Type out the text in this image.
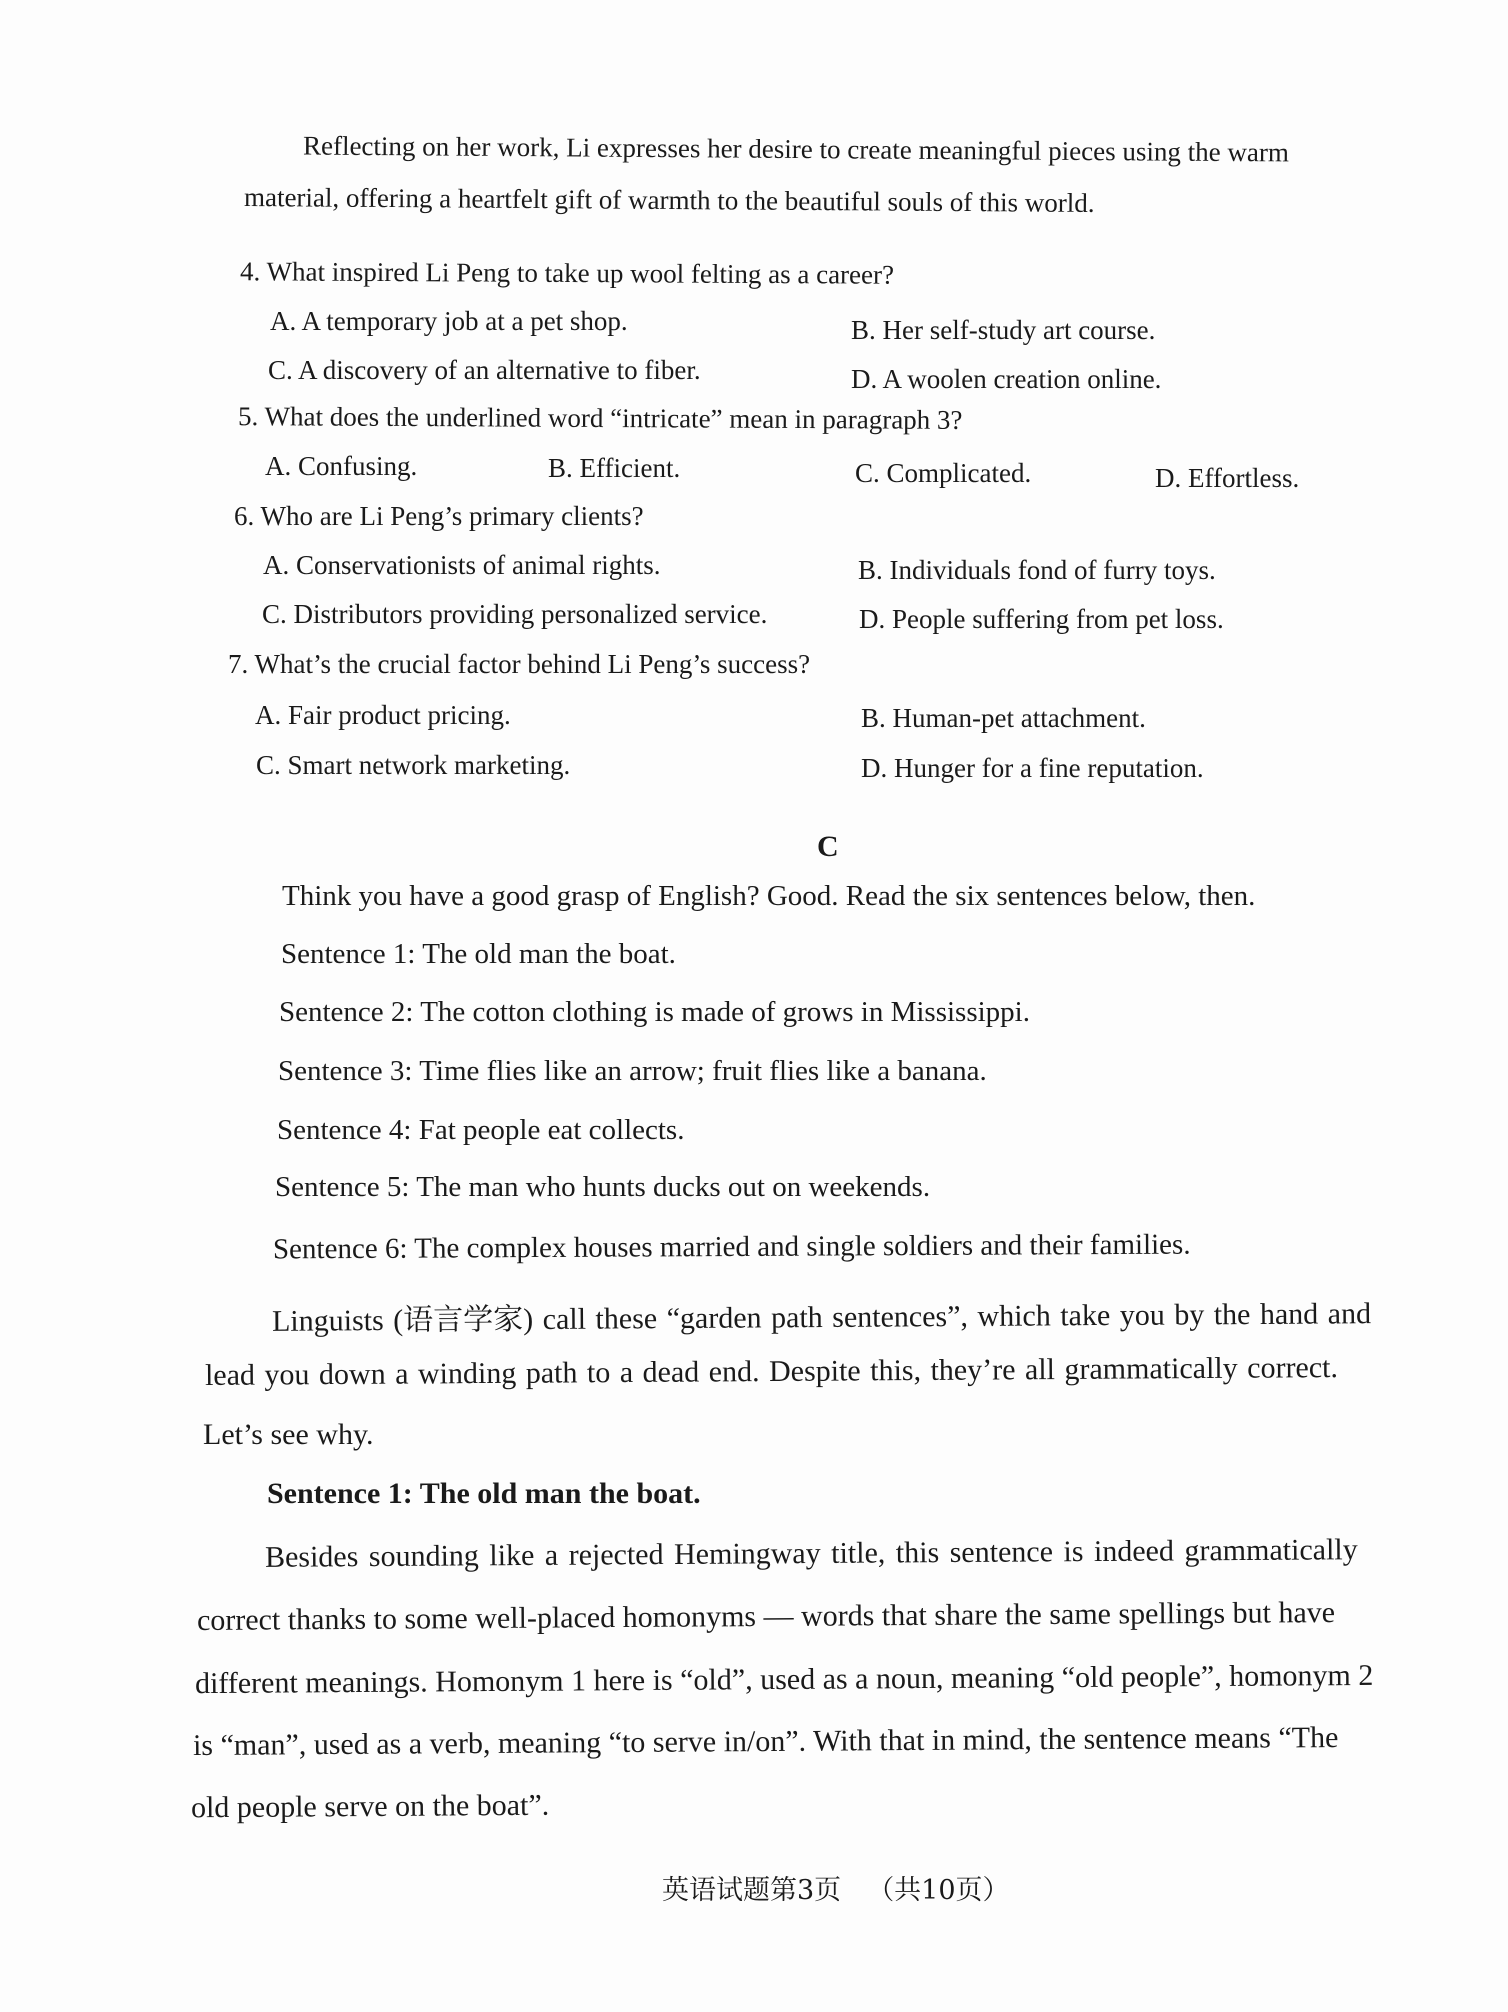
Reflecting on her work, Li expresses her desire to create meaningful pieces using the warm
material, offering a heartfelt gift of warmth to the beautiful souls of this world.
4. What inspired Li Peng to take up wool felting as a career?
A. A temporary job at a pet shop.	B. Her self-study art course.
C. A discovery of an alternative to fiber.	D. A woolen creation online.
5. What does the underlined word “intricate” mean in paragraph 3?
A. Confusing.	B. Efficient.	C. Complicated.	D. Effortless.
6. Who are Li Peng’s primary clients?
A. Conservationists of animal rights.	B. Individuals fond of furry toys.
C. Distributors providing personalized service.	D. People suffering from pet loss.
7. What’s the crucial factor behind Li Peng’s success?
A. Fair product pricing.	B. Human-pet attachment.
C. Smart network marketing.	D. Hunger for a fine reputation.
C
Think you have a good grasp of English? Good. Read the six sentences below, then.
Sentence 1: The old man the boat.
Sentence 2: The cotton clothing is made of grows in Mississippi.
Sentence 3: Time flies like an arrow; fruit flies like a banana.
Sentence 4: Fat people eat collects.
Sentence 5: The man who hunts ducks out on weekends.
Sentence 6: The complex houses married and single soldiers and their families.
Linguists (语言学家) call these “garden path sentences”, which take you by the hand and
lead you down a winding path to a dead end. Despite this, they’re all grammatically correct.
Let’s see why.
Sentence 1: The old man the boat.
Besides sounding like a rejected Hemingway title, this sentence is indeed grammatically
correct thanks to some well-placed homonyms — words that share the same spellings but have
different meanings. Homonym 1 here is “old”, used as a noun, meaning “old people”, homonym 2
is “man”, used as a verb, meaning “to serve in/on”. With that in mind, the sentence means “The
old people serve on the boat”.
英语试题第3页 （共10页）
